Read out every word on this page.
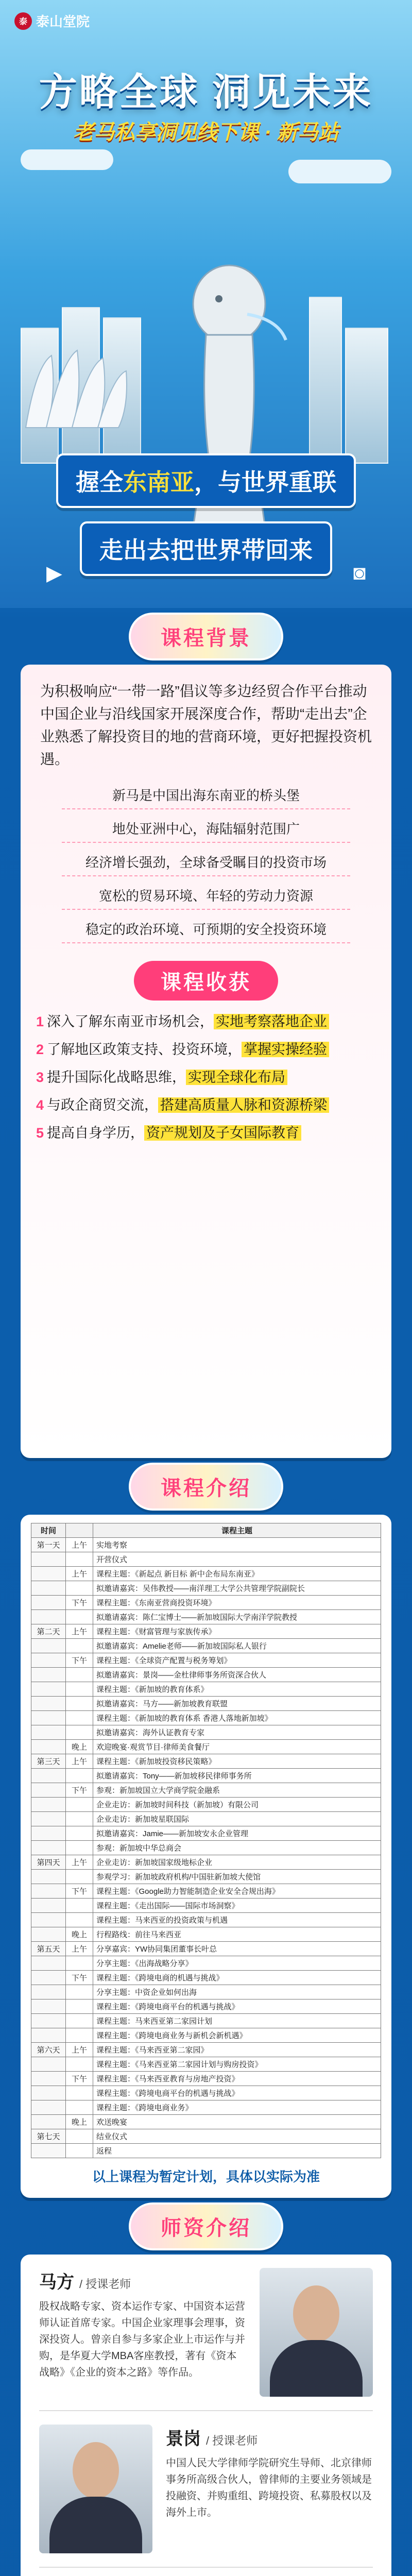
泰 泰山堂院
方略全球 洞见未来
老马私享洞见线下课 · 新马站
握全东南亚，与世界重联
走出去把世界带回来
▶	◙
课程背景
为积极响应“一带一路”倡议等多边经贸合作平台推动中国企业与沿线国家开展深度合作，帮助“走出去”企业熟悉了解投资目的地的营商环境，更好把握投资机遇。
新马是中国出海东南亚的桥头堡
地处亚洲中心，海陆辐射范围广
经济增长强劲，全球备受瞩目的投资市场
宽松的贸易环境、年轻的劳动力资源
稳定的政治环境、可预期的安全投资环境
课程收获
1 深入了解东南亚市场机会， 实地考察落地企业
2 了解地区政策支持、投资环境， 掌握实操经验
3 提升国际化战略思维， 实现全球化布局
4 与政企商贸交流， 搭建高质量人脉和资源桥梁
5 提高自身学历， 资产规划及子女国际教育
课程介绍
时间		课程主题
第一天	上午	实地考察
		开营仪式
	上午	课程主题：《新起点 新目标 新中企布局东南亚》
		拟邀请嘉宾：吴伟教授——南洋理工大学公共管理学院副院长
	下午	课程主题：《东南亚营商投资环境》
		拟邀请嘉宾：陈仁宝博士——新加坡国际大学南洋学院教授
第二天	上午	课程主题：《财富管理与家族传承》
		拟邀请嘉宾：Amelie老师——新加坡国际私人银行
	下午	课程主题：《全球资产配置与税务筹划》
		拟邀请嘉宾：景岗——金杜律师事务所资深合伙人
		课程主题：《新加坡的教育体系》
		拟邀请嘉宾：马方——新加坡教育联盟
		课程主题：《新加坡的教育体系 香港人落地新加坡》
		拟邀请嘉宾：海外认证教育专家
	晚上	欢迎晚宴·观赏节目·律师美食餐厅
第三天	上午	课程主题：《新加坡投资移民策略》
		拟邀请嘉宾：Tony——新加坡移民律师事务所
	下午	参观：新加坡国立大学商学院金融系
		企业走访：新加坡时间科技（新加坡）有限公司
		企业走访：新加坡星联国际
		拟邀请嘉宾：Jamie——新加坡安永企业管理
		参观：新加坡中华总商会
第四天	上午	企业走访：新加坡国家级地标企业
		参观学习：新加坡政府机构/中国驻新加坡大使馆
	下午	课程主题：《Google助力智能制造企业安全合规出海》
		课程主题：《走出国际——国际市场洞察》
		课程主题：马来西亚的投资政策与机遇
	晚上	行程路线：前往马来西亚
第五天	上午	分享嘉宾：YW协同集团董事长叶总
		分享主题：《出海战略分享》
	下午	课程主题：《跨境电商的机遇与挑战》
		分享主题：中资企业如何出海
		课程主题：《跨境电商平台的机遇与挑战》
		课程主题：马来西亚第二家园计划
		课程主题：《跨境电商业务与新机会新机遇》
第六天	上午	课程主题：《马来西亚第二家园》
		课程主题：《马来西亚第二家园计划与购房投资》
	下午	课程主题：《马来西亚教育与房地产投资》
		课程主题：《跨境电商平台的机遇与挑战》
		课程主题：《跨境电商业务》
	晚上	欢送晚宴
第七天		结业仪式
		返程
以上课程为暂定计划，具体以实际为准
师资介绍
马方 / 授课老师
股权战略专家、资本运作专家、中国资本运营师认证首席专家。中国企业家理事会理事，资深投资人。曾亲自参与多家企业上市运作与并购，是华夏大学MBA客座教授，著有《资本战略》《企业的资本之路》等作品。
景岗 / 授课老师
中国人民大学律师学院研究生导师、北京律师事务所高级合伙人，曾律师的主要业务领域是投融资、并购重组、跨境投资、私募股权以及海外上市。
